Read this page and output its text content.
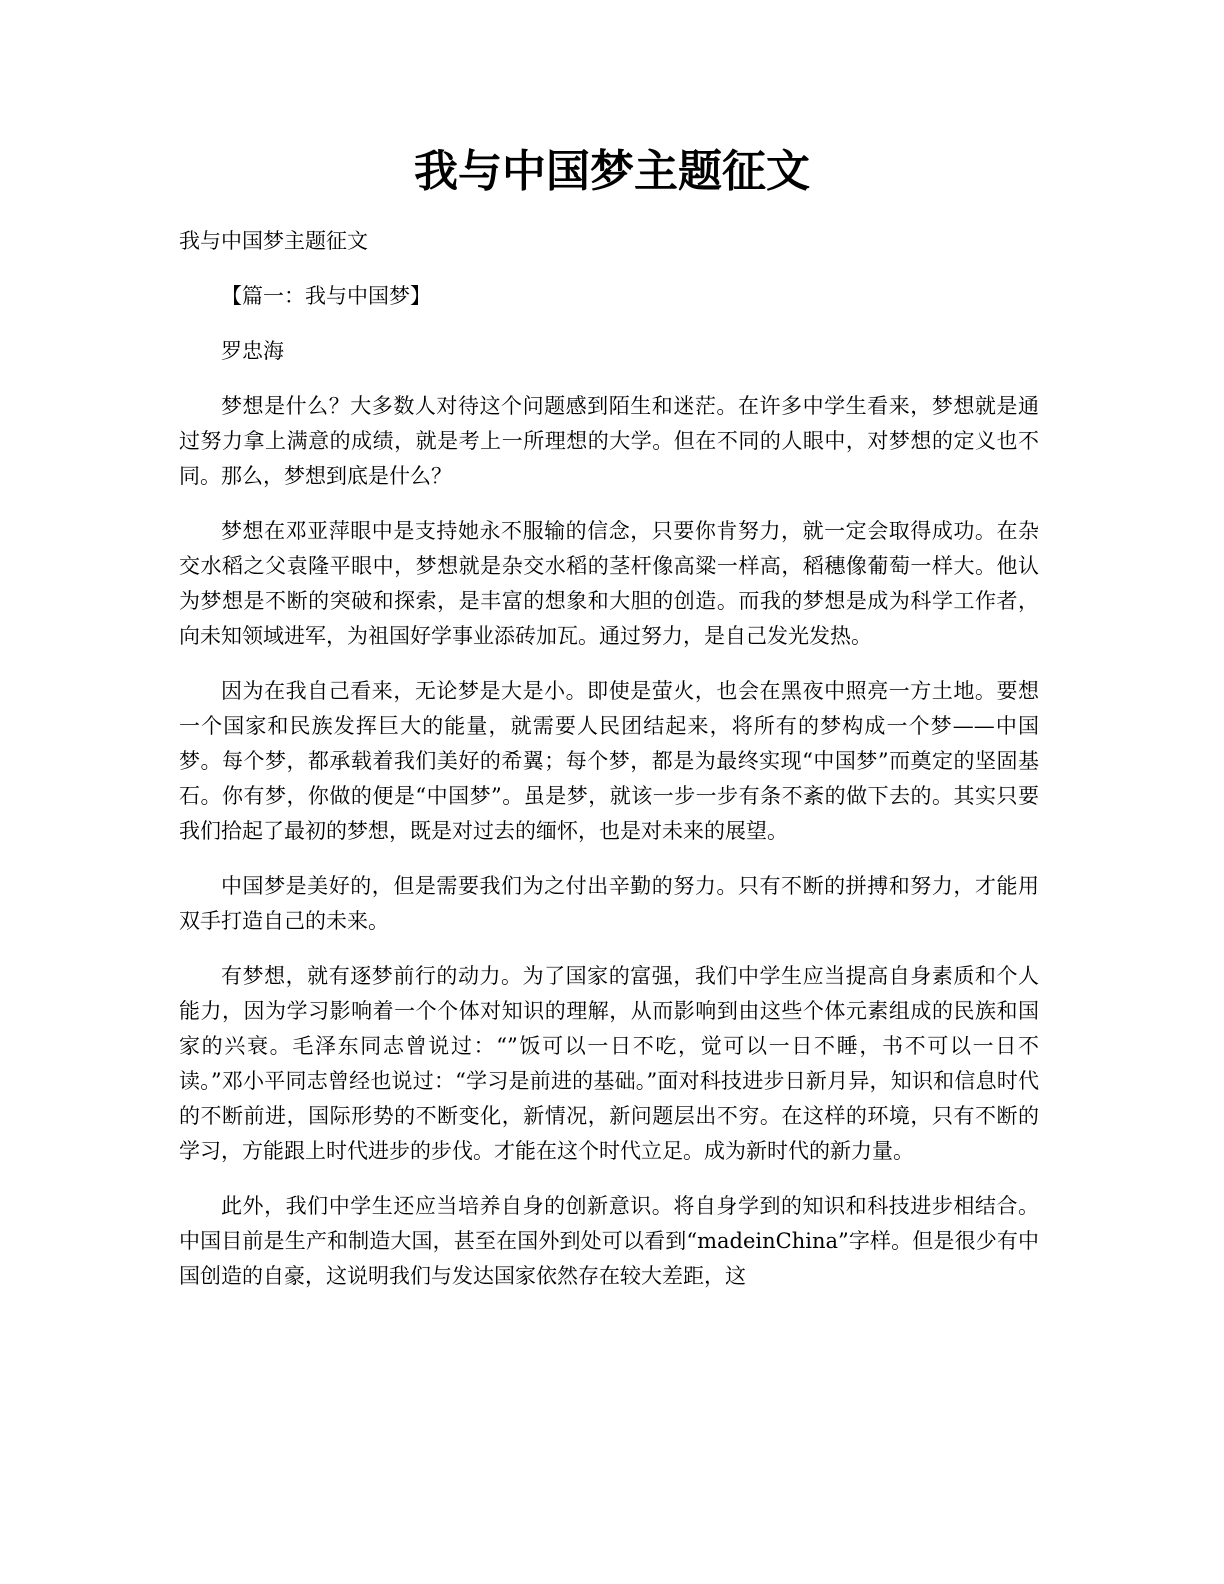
我与中国梦主题征文

我与中国梦主题征文

【篇一：我与中国梦】

罗忠海

梦想是什么？大多数人对待这个问题感到陌生和迷茫。在许多中学生看来，梦想就是通过努力拿上满意的成绩，就是考上一所理想的大学。但在不同的人眼中，对梦想的定义也不同。那么，梦想到底是什么？

梦想在邓亚萍眼中是支持她永不服输的信念，只要你肯努力，就一定会取得成功。在杂交水稻之父袁隆平眼中，梦想就是杂交水稻的茎杆像高粱一样高，稻穗像葡萄一样大。他认为梦想是不断的突破和探索，是丰富的想象和大胆的创造。而我的梦想是成为科学工作者，向未知领域进军，为祖国好学事业添砖加瓦。通过努力，是自己发光发热。

因为在我自己看来，无论梦是大是小。即使是萤火，也会在黑夜中照亮一方土地。要想一个国家和民族发挥巨大的能量，就需要人民团结起来，将所有的梦构成一个梦——中国梦。每个梦，都承载着我们美好的希翼；每个梦，都是为最终实现“中国梦”而奠定的坚固基石。你有梦，你做的便是“中国梦”。虽是梦，就该一步一步有条不紊的做下去的。其实只要我们拾起了最初的梦想，既是对过去的缅怀，也是对未来的展望。

中国梦是美好的，但是需要我们为之付出辛勤的努力。只有不断的拼搏和努力，才能用双手打造自己的未来。

有梦想，就有逐梦前行的动力。为了国家的富强，我们中学生应当提高自身素质和个人能力，因为学习影响着一个个体对知识的理解，从而影响到由这些个体元素组成的民族和国家的兴衰。毛泽东同志曾说过：“”饭可以一日不吃，觉可以一日不睡，书不可以一日不读。”邓小平同志曾经也说过：“学习是前进的基础。”面对科技进步日新月异，知识和信息时代的不断前进，国际形势的不断变化，新情况，新问题层出不穷。在这样的环境，只有不断的学习，方能跟上时代进步的步伐。才能在这个时代立足。成为新时代的新力量。

此外，我们中学生还应当培养自身的创新意识。将自身学到的知识和科技进步相结合。中国目前是生产和制造大国，甚至在国外到处可以看到“madeinChina”字样。但是很少有中国创造的自豪，这说明我们与发达国家依然存在较大差距，这
